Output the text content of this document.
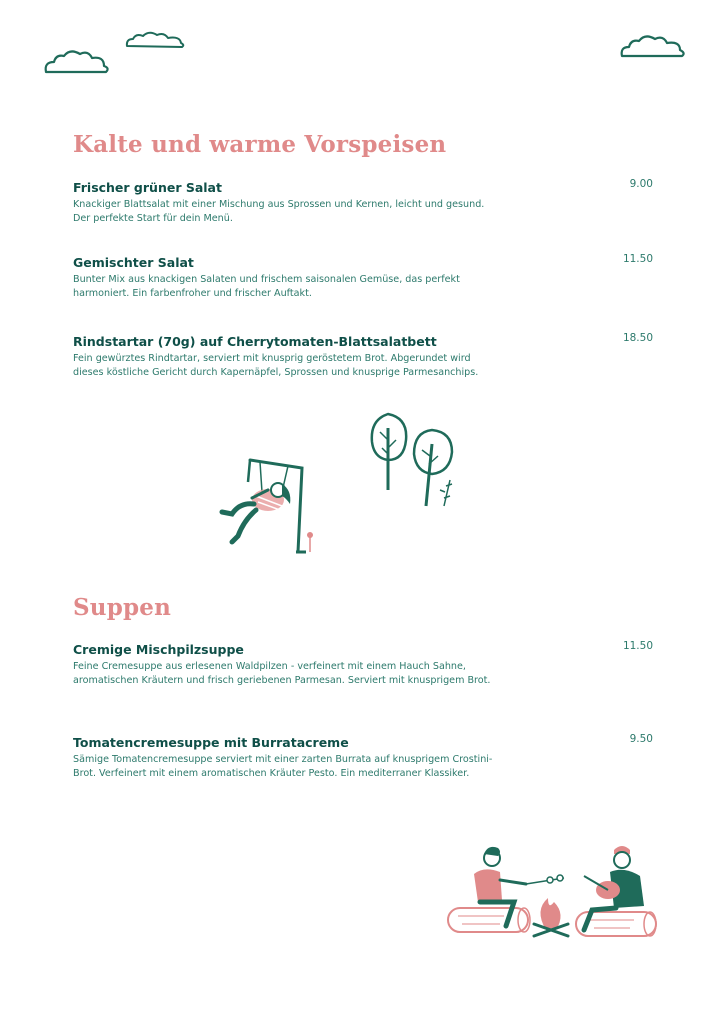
Kalte und warme Vorspeisen
Frischer grüner Salat
Knackiger Blattsalat mit einer Mischung aus Sprossen und Kernen, leicht und gesund.
Der perfekte Start für dein Menü.
9.00
Gemischter Salat
Bunter Mix aus knackigen Salaten und frischem saisonalen Gemüse, das perfekt
harmoniert. Ein farbenfroher und frischer Auftakt.
11.50
Rindstartar (70g) auf Cherrytomaten-Blattsalatbett
Fein gewürztes Rindtartar, serviert mit knusprig geröstetem Brot. Abgerundet wird
dieses köstliche Gericht durch Kapernäpfel, Sprossen und knusprige Parmesanchips.
18.50
Suppen
Cremige Mischpilzsuppe
Feine Cremesuppe aus erlesenen Waldpilzen - verfeinert mit einem Hauch Sahne,
aromatischen Kräutern und frisch geriebenen Parmesan. Serviert mit knusprigem Brot.
11.50
Tomatencremesuppe mit Burratacreme
Sämige Tomatencremesuppe serviert mit einer zarten Burrata auf knusprigem Crostini-
Brot. Verfeinert mit einem aromatischen Kräuter Pesto. Ein mediterraner Klassiker.
9.50
